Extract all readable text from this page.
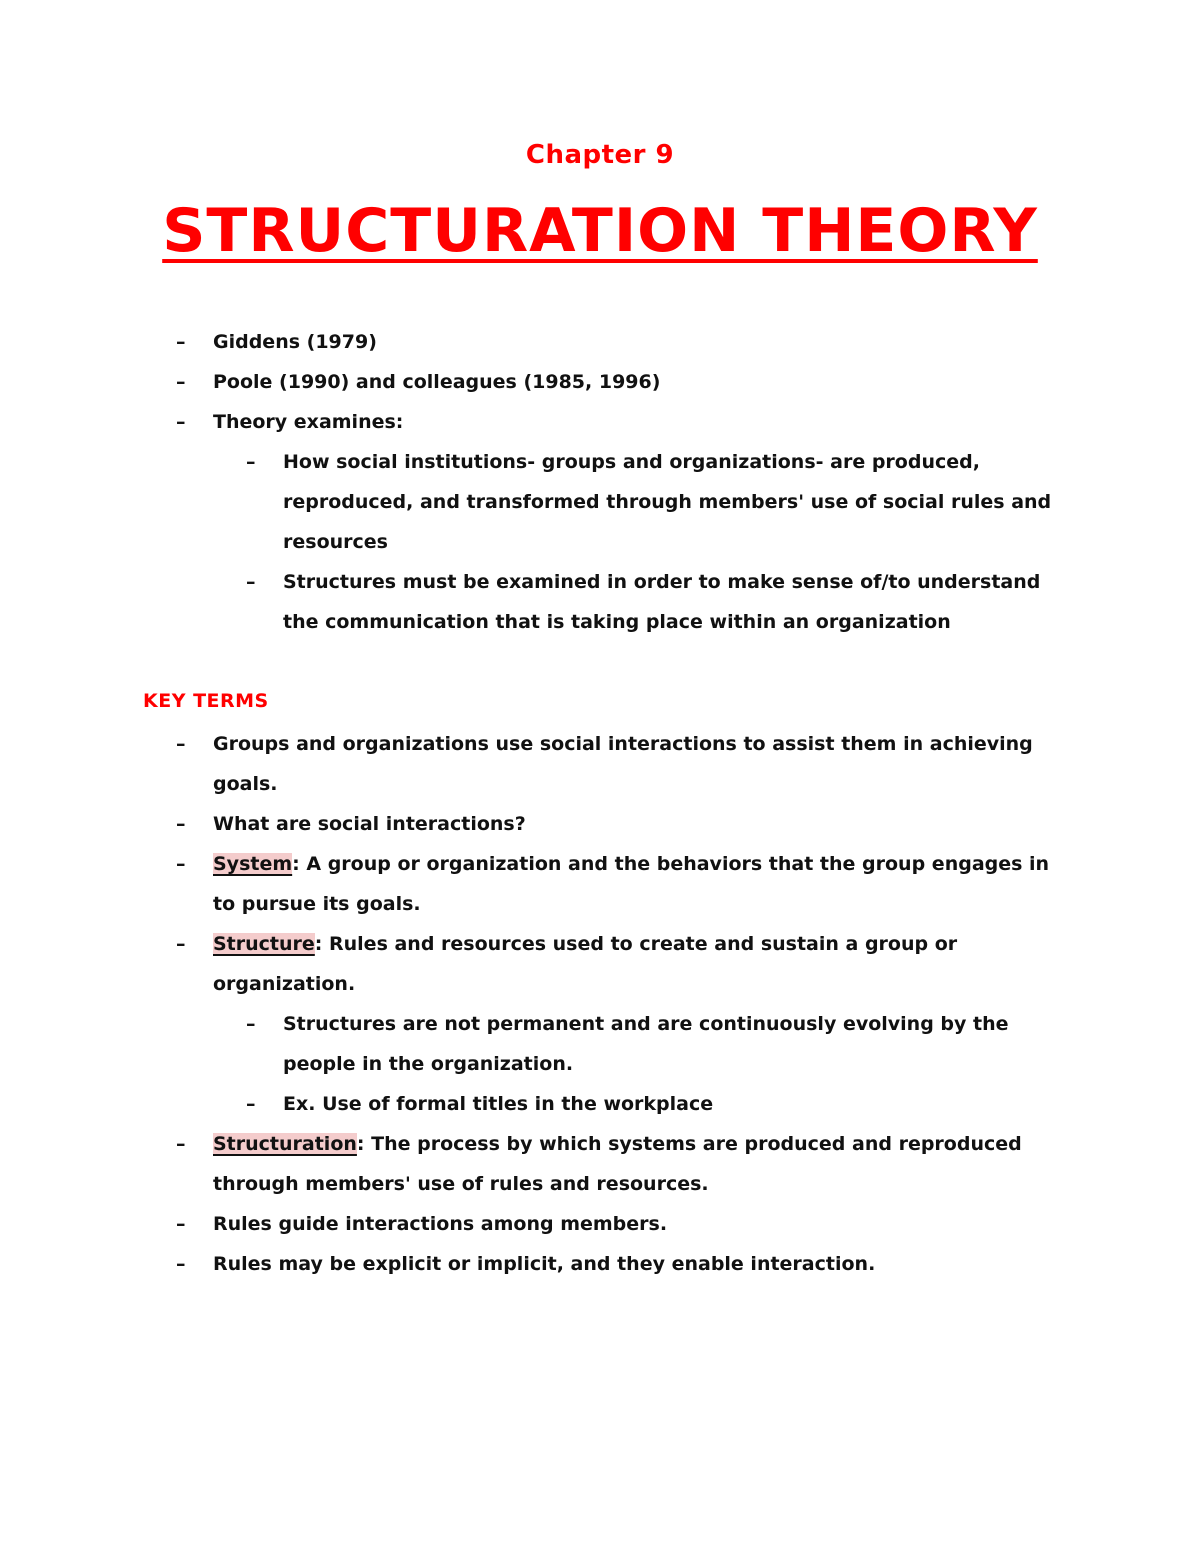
Chapter 9
STRUCTURATION THEORY
– Giddens (1979)
– Poole (1990) and colleagues (1985, 1996)
– Theory examines:
– How social institutions- groups and organizations- are produced, reproduced, and transformed through members' use of social rules and resources
– Structures must be examined in order to make sense of/to understand the communication that is taking place within an organization
KEY TERMS
– Groups and organizations use social interactions to assist them in achieving goals.
– What are social interactions?
– System: A group or organization and the behaviors that the group engages in to pursue its goals.
– Structure: Rules and resources used to create and sustain a group or organization.
– Structures are not permanent and are continuously evolving by the people in the organization.
– Ex. Use of formal titles in the workplace
– Structuration: The process by which systems are produced and reproduced through members' use of rules and resources.
– Rules guide interactions among members.
– Rules may be explicit or implicit, and they enable interaction.
